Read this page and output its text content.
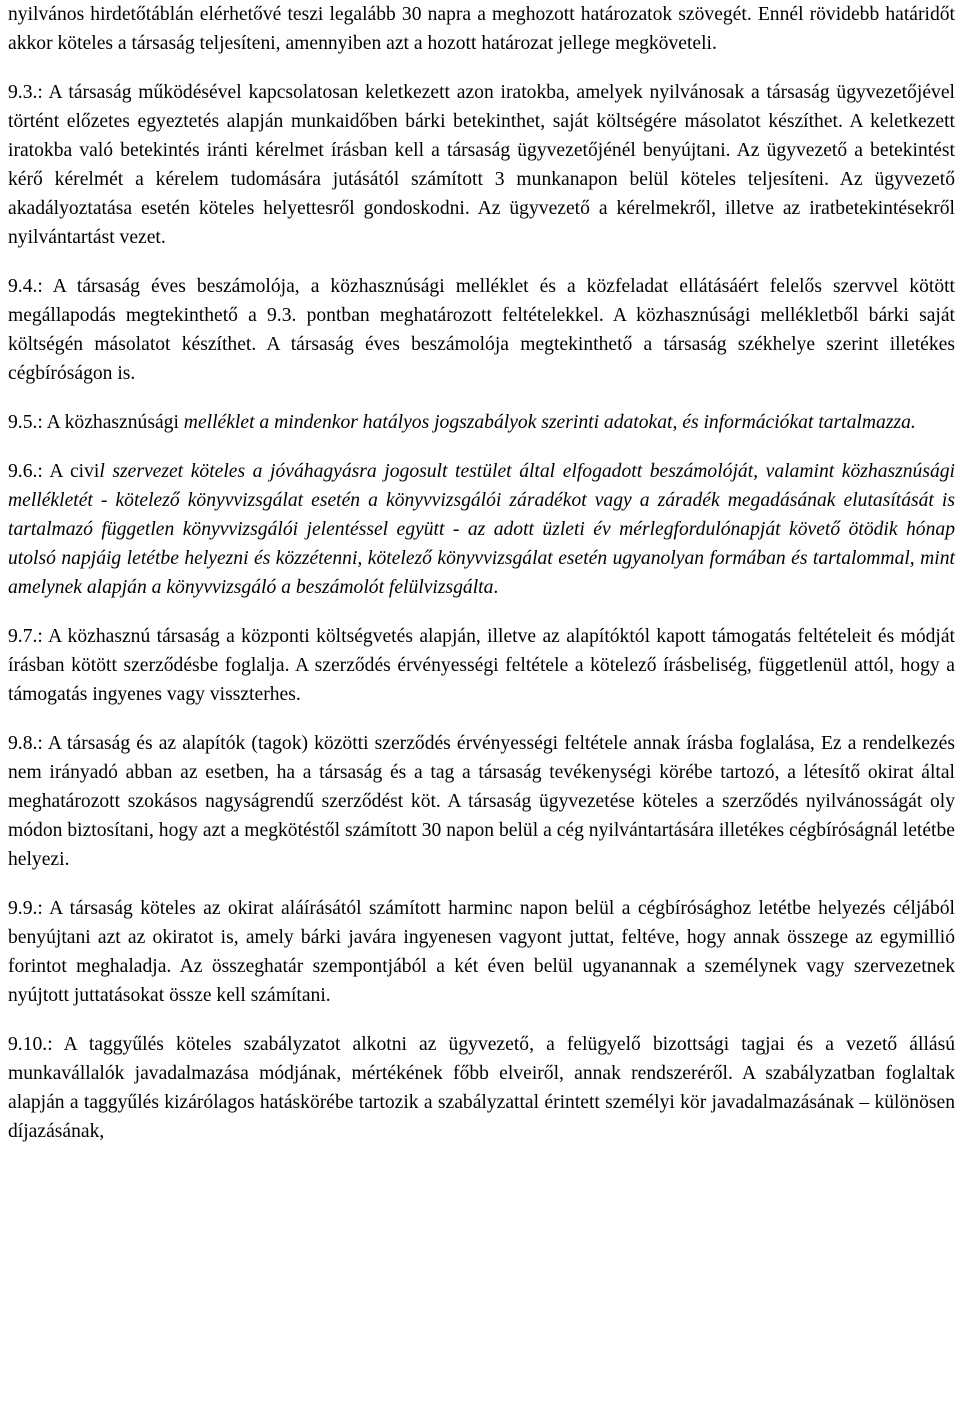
nyilvános hirdetőtáblán elérhetővé teszi legalább 30 napra a meghozott határozatok szövegét. Ennél rövidebb határidőt akkor köteles a társaság teljesíteni, amennyiben azt a hozott határozat jellege megköveteli.

9.3.: A társaság működésével kapcsolatosan keletkezett azon iratokba, amelyek nyilvánosak a társaság ügyvezetőjével történt előzetes egyeztetés alapján munkaidőben bárki betekinthet, saját költségére másolatot készíthet. A keletkezett iratokba való betekintés iránti kérelmet írásban kell a társaság ügyvezetőjénél benyújtani. Az ügyvezető a betekintést kérő kérelmét a kérelem tudomására jutásától számított 3 munkanapon belül köteles teljesíteni. Az ügyvezető akadályoztatása esetén köteles helyettesről gondoskodni. Az ügyvezető a kérelmekről, illetve az iratbetekintésekről nyilvántartást vezet.

9.4.: A társaság éves beszámolója, a közhasznúsági melléklet és a közfeladat ellátásáért felelős szervvel kötött megállapodás megtekinthető a 9.3. pontban meghatározott feltételekkel. A közhasznúsági mellékletből bárki saját költségén másolatot készíthet. A társaság éves beszámolója megtekinthető a társaság székhelye szerint illetékes cégbíróságon is.

9.5.: A közhasznúsági melléklet a mindenkor hatályos jogszabályok szerinti adatokat, és információkat tartalmazza.

9.6.: A civil szervezet köteles a jóváhagyásra jogosult testület által elfogadott beszámolóját, valamint közhasznúsági mellékletét - kötelező könyvvizsgálat esetén a könyvvizsgálói záradékot vagy a záradék megadásának elutasítását is tartalmazó független könyvvizsgálói jelentéssel együtt - az adott üzleti év mérlegfordulónapját követő ötödik hónap utolsó napjáig letétbe helyezni és közzétenni, kötelező könyvvizsgálat esetén ugyanolyan formában és tartalommal, mint amelynek alapján a könyvvizsgáló a beszámolót felülvizsgálta.

9.7.: A közhasznú társaság a központi költségvetés alapján, illetve az alapítóktól kapott támogatás feltételeit és módját írásban kötött szerződésbe foglalja. A szerződés érvényességi feltétele a kötelező írásbeliség, függetlenül attól, hogy a támogatás ingyenes vagy visszterhes.

9.8.: A társaság és az alapítók (tagok) közötti szerződés érvényességi feltétele annak írásba foglalása, Ez a rendelkezés nem irányadó abban az esetben, ha a társaság és a tag a társaság tevékenységi körébe tartozó, a létesítő okirat által meghatározott szokásos nagyságrendű szerződést köt. A társaság ügyvezetése köteles a szerződés nyilvánosságát oly módon biztosítani, hogy azt a megkötéstől számított 30 napon belül a cég nyilvántartására illetékes cégbíróságnál letétbe helyezi.

9.9.: A társaság köteles az okirat aláírásától számított harminc napon belül a cégbírósághoz letétbe helyezés céljából benyújtani azt az okiratot is, amely bárki javára ingyenesen vagyont juttat, feltéve, hogy annak összege az egymillió forintot meghaladja. Az összeghatár szempontjából a két éven belül ugyanannak a személynek vagy szervezetnek nyújtott juttatásokat össze kell számítani.

9.10.: A taggyűlés köteles szabályzatot alkotni az ügyvezető, a felügyelő bizottsági tagjai és a vezető állású munkavállalók javadalmazása módjának, mértékének főbb elveiről, annak rendszeréről. A szabályzatban foglaltak alapján a taggyűlés kizárólagos hatáskörébe tartozik a szabályzattal érintett személyi kör javadalmazásának – különösen díjazásának,
